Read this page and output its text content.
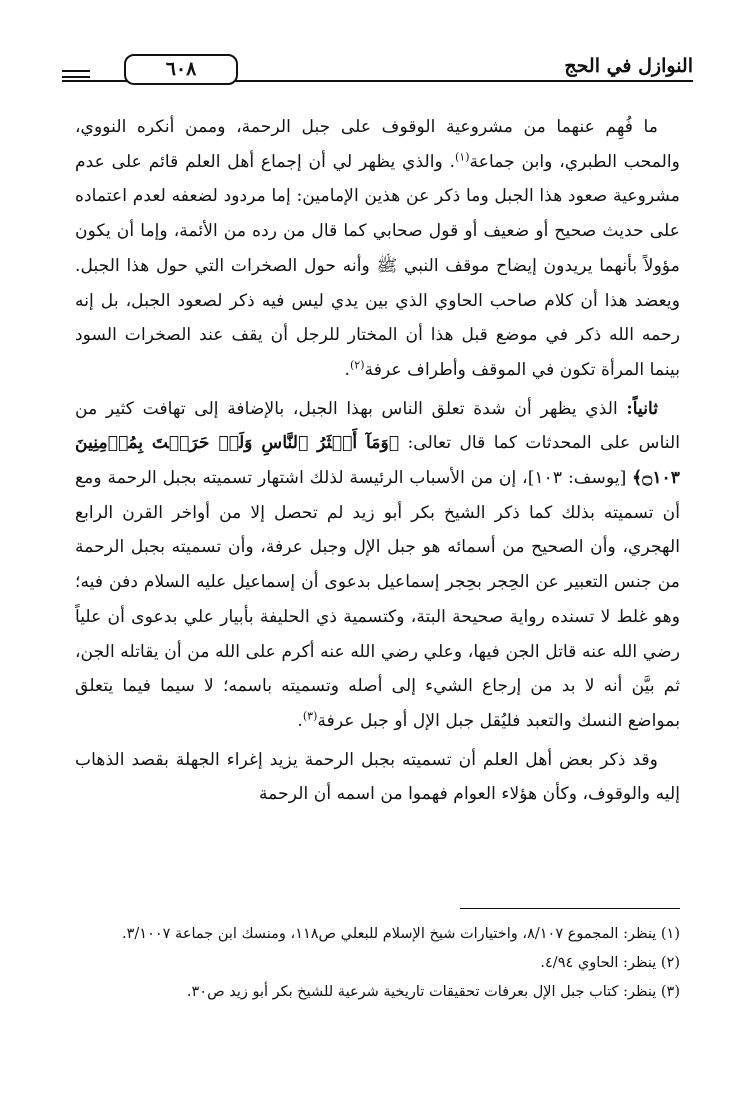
النوازل في الحج
٦٠٨

ما فُهِم عنهما من مشروعية الوقوف على جبل الرحمة، وممن أنكره النووي، والمحب الطبري، وابن جماعة$^{(١)}$. والذي يظهر لي أن إجماع أهل العلم قائم على عدم مشروعية صعود هذا الجبل وما ذكر عن هذين الإمامين: إما مردود لضعفه لعدم اعتماده على حديث صحيح أو ضعيف أو قول صحابي كما قال من رده من الأئمة، وإما أن يكون مؤولاً بأنهما يريدون إيضاح موقف النبي ﷺ وأنه حول الصخرات التي حول هذا الجبل. ويعضد هذا أن كلام صاحب الحاوي الذي بين يدي ليس فيه ذكر لصعود الجبل، بل إنه رحمه الله ذكر في موضع قبل هذا أن المختار للرجل أن يقف عند الصخرات السود بينما المرأة تكون في الموقف وأطراف عرفة$^{(٢)}$.

ثانياً: الذي يظهر أن شدة تعلق الناس بهذا الجبل، بالإضافة إلى تهافت كثير من الناس على المحدثات كما قال تعالى: ﴿وَمَآ أَكۡثَرُ ٱلنَّاسِ وَلَوۡ حَرَصۡتَ بِمُؤۡمِنِينَ ۝١٠٣﴾ [يوسف: ١٠٣]، إن من الأسباب الرئيسة لذلك اشتهار تسميته بجبل الرحمة ومع أن تسميته بذلك كما ذكر الشيخ بكر أبو زيد لم تحصل إلا من أواخر القرن الرابع الهجري، وأن الصحيح من أسمائه هو جبل الإل وجبل عرفة، وأن تسميته بجبل الرحمة من جنس التعبير عن الحِجر بحِجر إسماعيل بدعوى أن إسماعيل عليه السلام دفن فيه؛ وهو غلط لا تسنده رواية صحيحة البتة، وكتسمية ذي الحليفة بأبيار علي بدعوى أن علياً رضي الله عنه قاتل الجن فيها، وعلي رضي الله عنه أكرم على الله من أن يقاتله الجن، ثم بيَّن أنه لا بد من إرجاع الشيء إلى أصله وتسميته باسمه؛ لا سيما فيما يتعلق بمواضع النسك والتعبد فليُقل جبل الإل أو جبل عرفة$^{(٣)}$.

وقد ذكر بعض أهل العلم أن تسميته بجبل الرحمة يزيد إغراء الجهلة بقصد الذهاب إليه والوقوف، وكأن هؤلاء العوام فهموا من اسمه أن الرحمة

(١) ينظر: المجموع ٨/١٠٧، واختيارات شيخ الإسلام للبعلي ص١١٨، ومنسك ابن جماعة ٣/١٠٠٧.

(٢) ينظر: الحاوي ٤/٩٤.

(٣) ينظر: كتاب جبل الإل بعرفات تحقيقات تاريخية شرعية للشيخ بكر أبو زيد ص٣٠.
